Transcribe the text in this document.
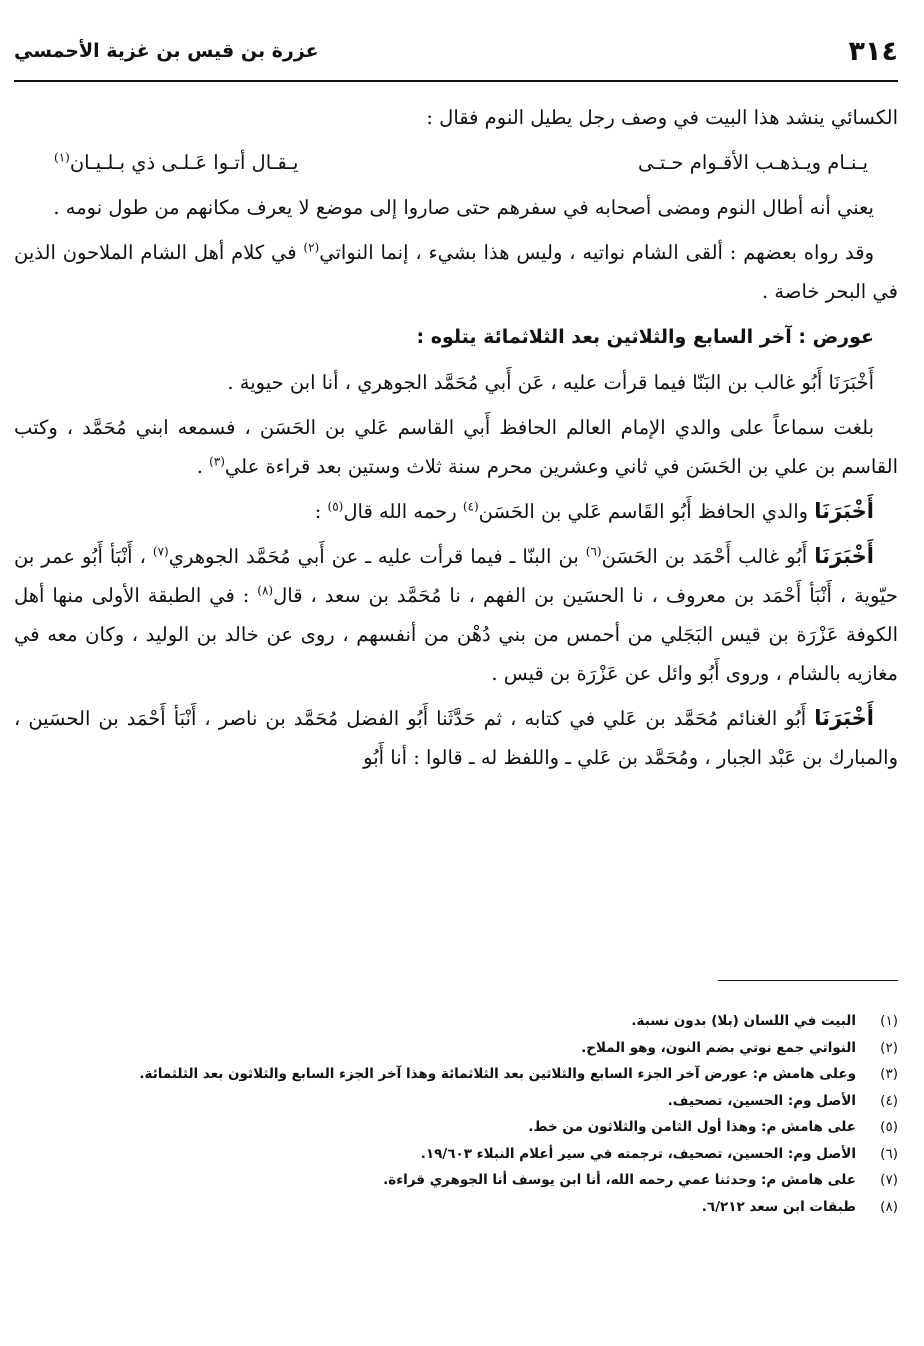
٣١٤
عزرة بن قيس بن غزية الأحمسي

الكسائي ينشد هذا البيت في وصف رجل يطيل النوم فقال :

يـنـام ويـذهـب الأقـوام حـتـى
يـقـال أتـوا عَـلـى ذي بـلـيـان$^{(١)}$

يعني أنه أطال النوم ومضى أصحابه في سفرهم حتى صاروا إلى موضع لا يعرف مكانهم من طول نومه .

وقد رواه بعضهم : ألقى الشام نواتيه ، وليس هذا بشيء ، إنما النواتي$^{(٢)}$ في كلام أهل الشام الملاحون الذين في البحر خاصة .

عورض : آخر السابع والثلاثين بعد الثلاثمائة يتلوه :

أَخْبَرَنَا أَبُو غالب بن البَنّا فيما قرأت عليه ، عَن أَبي مُحَمَّد الجوهري ، أنا ابن حيوية .

بلغت سماعاً على والدي الإمام العالم الحافظ أَبي القاسم عَلي بن الحَسَن ، فسمعه ابني مُحَمَّد ، وكتب القاسم بن علي بن الحَسَن في ثاني وعشرين محرم سنة ثلاث وستين بعد قراءة علي$^{(٣)}$ .

أَخْبَرَنَا والدي الحافظ أَبُو القَاسم عَلي بن الحَسَن$^{(٤)}$ رحمه الله قال$^{(٥)}$ :

أَخْبَرَنَا أَبُو غالب أَحْمَد بن الحَسَن$^{(٦)}$ بن البنّا ـ فيما قرأت عليه ـ عن أَبي مُحَمَّد الجوهري$^{(٧)}$ ، أَنْبَأ أَبُو عمر بن حيّوية ، أَنْبَأ أَحْمَد بن معروف ، نا الحسَين بن الفهم ، نا مُحَمَّد بن سعد ، قال$^{(٨)}$ : في الطبقة الأولى منها أهل الكوفة عَزْرَة بن قيس البَجَلي من أحمس من بني دُهْن من أنفسهم ، روى عن خالد بن الوليد ، وكان معه في مغازيه بالشام ، وروى أَبُو وائل عن عَزْرَة بن قيس .

أَخْبَرَنَا أَبُو الغنائم مُحَمَّد بن عَلي في كتابه ، ثم حَدَّثَنا أَبُو الفضل مُحَمَّد بن ناصر ، أَنْبَأ أَحْمَد بن الحسَين ، والمبارك بن عَبْد الجبار ، ومُحَمَّد بن عَلي ـ واللفظ له ـ قالوا : أنا أَبُو

(١)
البيت في اللسان (بلا) بدون نسبة.
(٢)
النواتي جمع نوتي بضم النون، وهو الملاح.
(٣)
وعلى هامش م: عورض آخر الجزء السابع والثلاثين بعد الثلاثمائة وهذا آخر الجزء السابع والثلاثون بعد الثلثمائة.
(٤)
الأصل وم: الحسين، تصحيف.
(٥)
على هامش م: وهذا أول الثامن والثلاثون من خط.
(٦)
الأصل وم: الحسين، تصحيف، ترجمته في سير أعلام النبلاء ١٩/٦٠٣.
(٧)
على هامش م: وحدثنا عمي رحمه الله، أنا ابن يوسف أنا الجوهري قراءة.
(٨)
طبقات ابن سعد ٦/٢١٢.
